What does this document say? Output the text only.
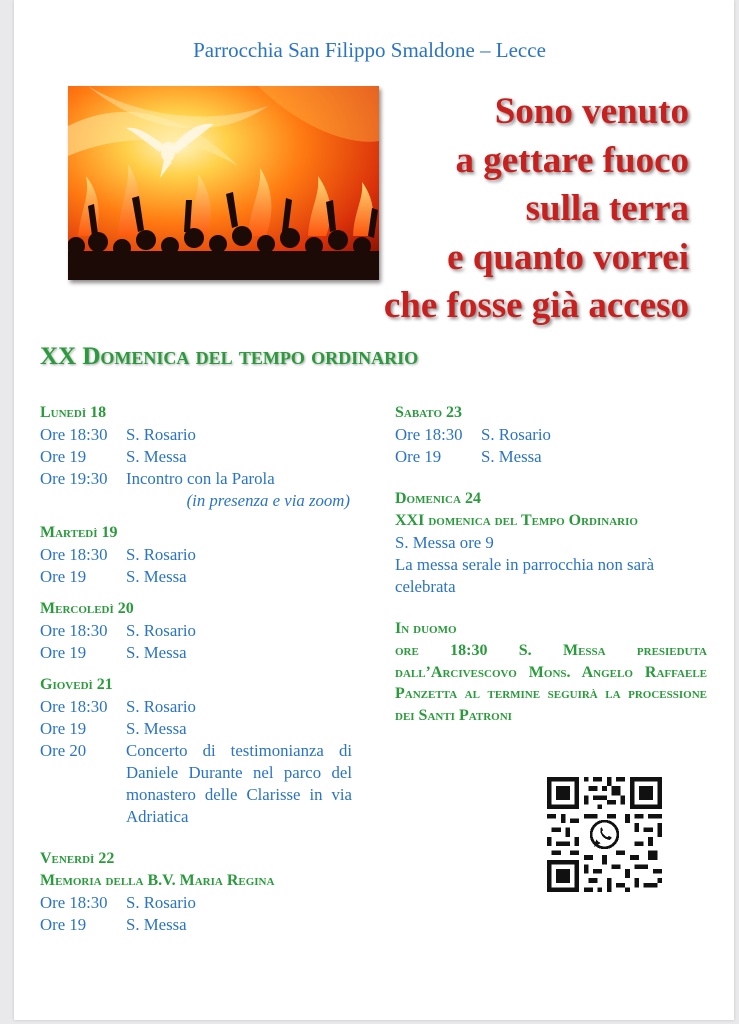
Parrocchia San Filippo Smaldone – Lecce
Sono venuto
a gettare fuoco
sulla terra
e quanto vorrei
che fosse già acceso
XX Domenica del tempo ordinario
Lunedì 18
Ore 18:30	S. Rosario
Ore 19	S. Messa
Ore 19:30	Incontro con la Parola
(in presenza e via zoom)
Martedì 19
Ore 18:30	S. Rosario
Ore 19	S. Messa
Mercoledì 20
Ore 18:30	S. Rosario
Ore 19	S. Messa
Giovedì 21
Ore 18:30	S. Rosario
Ore 19	S. Messa
Ore 20	Concerto di testimonianza di Daniele Durante nel parco del monastero delle Clarisse in via Adriatica
Venerdì 22
Memoria della B.V. Maria Regina
Ore 18:30	S. Rosario
Ore 19	S. Messa
Sabato 23
Ore 18:30	S. Rosario
Ore 19	S. Messa
Domenica 24
XXI domenica del Tempo Ordinario
S. Messa ore 9
La messa serale in parrocchia non sarà celebrata
In duomo
ore 18:30 S. Messa presieduta dall’Arcivescovo Mons. Angelo Raffaele Panzetta al termine seguirà la processione dei Santi Patroni
